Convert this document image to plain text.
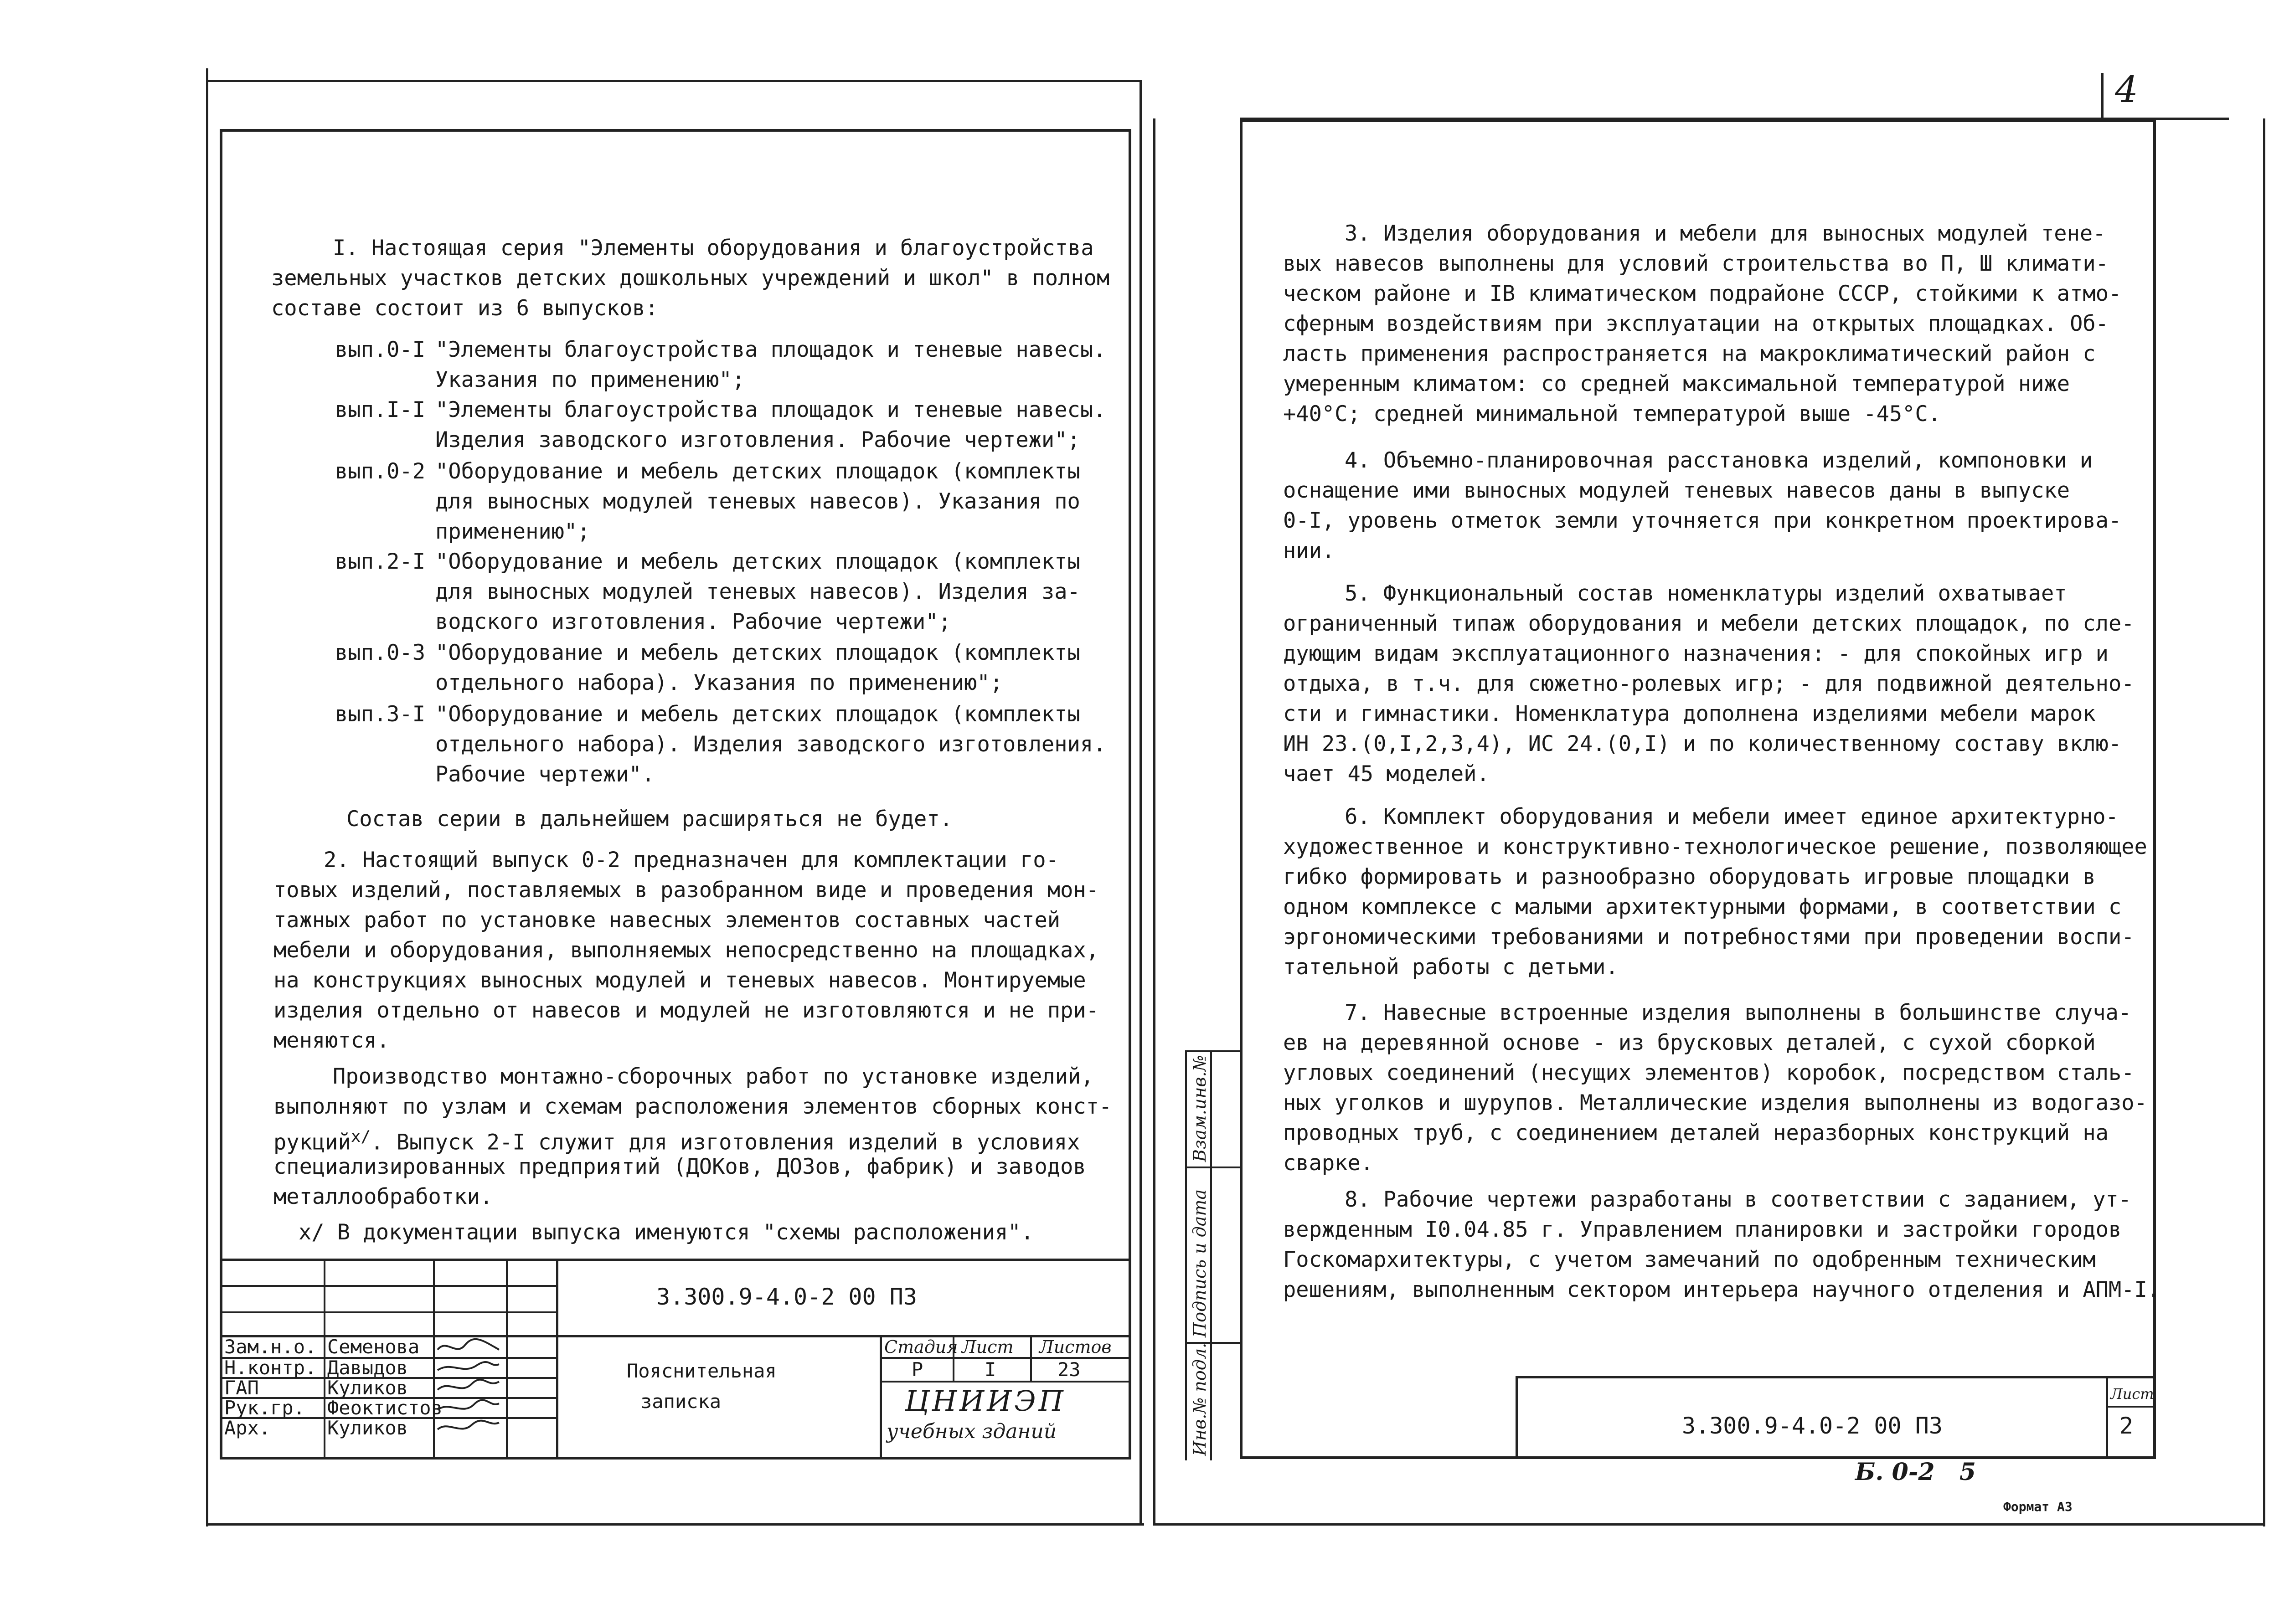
4
I. Настоящая серия "Элементы оборудования и благоустройства
земельных участков детских дошкольных учреждений и школ" в полном
составе состоит из 6 выпусков:
вып.0-I "Элементы благоустройства площадок и теневые навесы.
Указания по применению";
вып.I-I "Элементы благоустройства площадок и теневые навесы.
Изделия заводского изготовления. Рабочие чертежи";
вып.0-2 "Оборудование и мебель детских площадок (комплекты
для выносных модулей теневых навесов). Указания по
применению";
вып.2-I "Оборудование и мебель детских площадок (комплекты
для выносных модулей теневых навесов). Изделия за-
водского изготовления. Рабочие чертежи";
вып.0-3 "Оборудование и мебель детских площадок (комплекты
отдельного набора). Указания по применению";
вып.3-I "Оборудование и мебель детских площадок (комплекты
отдельного набора). Изделия заводского изготовления.
Рабочие чертежи".
Состав серии в дальнейшем расширяться не будет.
2. Настоящий выпуск 0-2 предназначен для комплектации го-
товых изделий, поставляемых в разобранном виде и проведения мон-
тажных работ по установке навесных элементов составных частей
мебели и оборудования, выполняемых непосредственно на площадках,
на конструкциях выносных модулей и теневых навесов. Монтируемые
изделия отдельно от навесов и модулей не изготовляются и не при-
меняются.
Производство монтажно-сборочных работ по установке изделий,
выполняют по узлам и схемам расположения элементов сборных конст-
рукций$^{x/}$. Выпуск 2-I служит для изготовления изделий в условиях
специализированных предприятий (ДОКов, ДОЗов, фабрик) и заводов
металлообработки.
x/ В документации выпуска именуются "схемы расположения".
3.300.9-4.0-2 00 ПЗ
Пояснительная
записка
Стадия Лист Листов
Р	I	23
ЦНИИЭП
учебных зданий
Зам.н.о.
Н.контр.
ГАП
Рук.гр.
Арх.
Семенова
Давыдов
Куликов
Феоктистов
Куликов
3. Изделия оборудования и мебели для выносных модулей тене-
вых навесов выполнены для условий строительства во П, Ш климати-
ческом районе и IВ климатическом подрайоне СССР, стойкими к атмо-
сферным воздействиям при эксплуатации на открытых площадках. Об-
ласть применения распространяется на макроклиматический район с
умеренным климатом: со средней максимальной температурой ниже
+40°С; средней минимальной температурой выше -45°С.
4. Объемно-планировочная расстановка изделий, компоновки и
оснащение ими выносных модулей теневых навесов даны в выпуске
0-I, уровень отметок земли уточняется при конкретном проектирова-
нии.
5. Функциональный состав номенклатуры изделий охватывает
ограниченный типаж оборудования и мебели детских площадок, по сле-
дующим видам эксплуатационного назначения: - для спокойных игр и
отдыха, в т.ч. для сюжетно-ролевых игр; - для подвижной деятельно-
сти и гимнастики. Номенклатура дополнена изделиями мебели марок
ИН 23.(0,I,2,3,4), ИС 24.(0,I) и по количественному составу вклю-
чает 45 моделей.
6. Комплект оборудования и мебели имеет единое архитектурно-
художественное и конструктивно-технологическое решение, позволяющее
гибко формировать и разнообразно оборудовать игровые площадки в
одном комплексе с малыми архитектурными формами, в соответствии с
эргономическими требованиями и потребностями при проведении воспи-
тательной работы с детьми.
7. Навесные встроенные изделия выполнены в большинстве случа-
ев на деревянной основе - из брусковых деталей, с сухой сборкой
угловых соединений (несущих элементов) коробок, посредством сталь-
ных уголков и шурупов. Металлические изделия выполнены из водогазо-
проводных труб, с соединением деталей неразборных конструкций на
сварке.
8. Рабочие чертежи разработаны в соответствии с заданием, ут-
вержденным I0.04.85 г. Управлением планировки и застройки городов
Госкомархитектуры, с учетом замечаний по одобренным техническим
решениям, выполненным сектором интерьера научного отделения и АПМ-I.
Инв.№ подл.
Подпись и дата
Взам.инв.№
3.300.9-4.0-2 00 ПЗ
Лист
2
Б. 0-2   5
Формат А3
